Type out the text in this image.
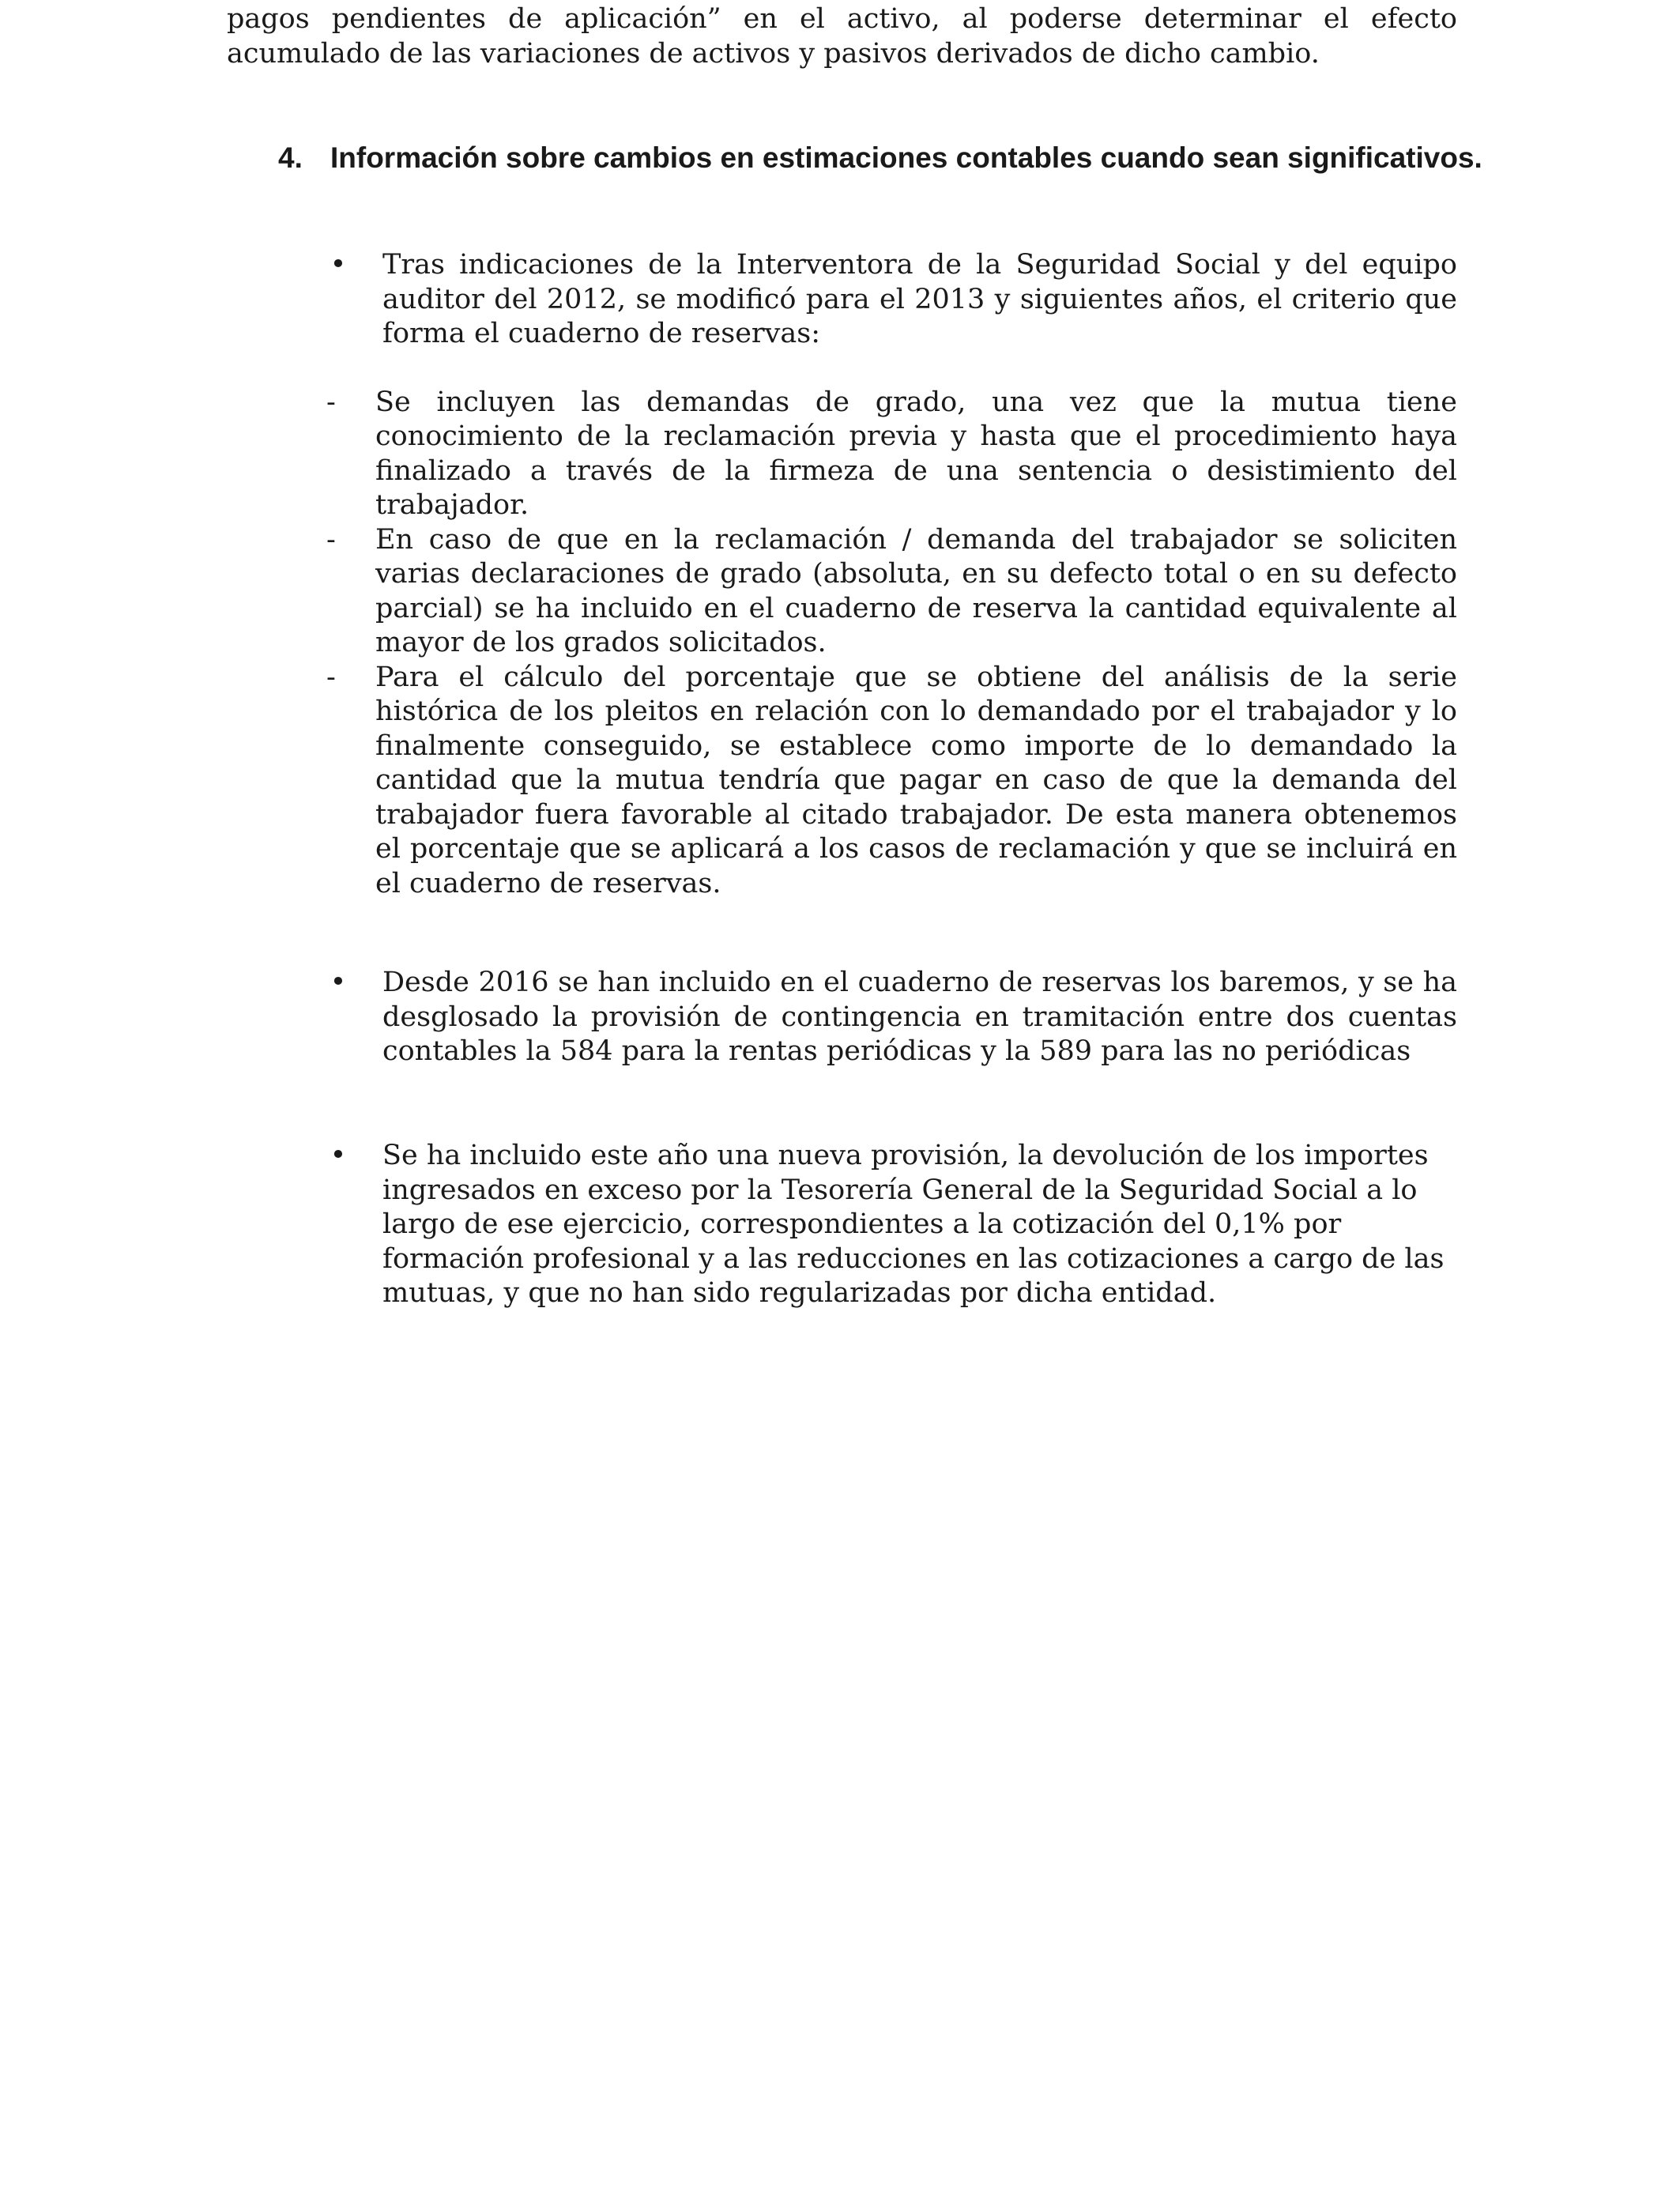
pagos pendientes de aplicación” en el activo, al poderse determinar el efecto acumulado de las variaciones de activos y pasivos derivados de dicho cambio.

4. Información sobre cambios en estimaciones contables cuando sean significativos.
• Tras indicaciones de la Interventora de la Seguridad Social y del equipo auditor del 2012, se modificó para el 2013 y siguientes años, el criterio que forma el cuaderno de reservas:

- Se incluyen las demandas de grado, una vez que la mutua tiene conocimiento de la reclamación previa y hasta que el procedimiento haya finalizado a través de la firmeza de una sentencia o desistimiento del trabajador.

- En caso de que en la reclamación / demanda del trabajador se soliciten varias declaraciones de grado (absoluta, en su defecto total o en su defecto parcial) se ha incluido en el cuaderno de reserva la cantidad equivalente al mayor de los grados solicitados.

- Para el cálculo del porcentaje que se obtiene del análisis de la serie histórica de los pleitos en relación con lo demandado por el trabajador y lo finalmente conseguido, se establece como importe de lo demandado la cantidad que la mutua tendría que pagar en caso de que la demanda del trabajador fuera favorable al citado trabajador. De esta manera obtenemos el porcentaje que se aplicará a los casos de reclamación y que se incluirá en el cuaderno de reservas.

• Desde 2016 se han incluido en el cuaderno de reservas los baremos, y se ha desglosado la provisión de contingencia en tramitación entre dos cuentas contables la 584 para la rentas periódicas y la 589 para las no periódicas

• Se ha incluido este año una nueva provisión, la devolución de los importes ingresados en exceso por la Tesorería General de la Seguridad Social a lo largo de ese ejercicio, correspondientes a la cotización del 0,1% por formación profesional y a las reducciones en las cotizaciones a cargo de las mutuas, y que no han sido regularizadas por dicha entidad.
